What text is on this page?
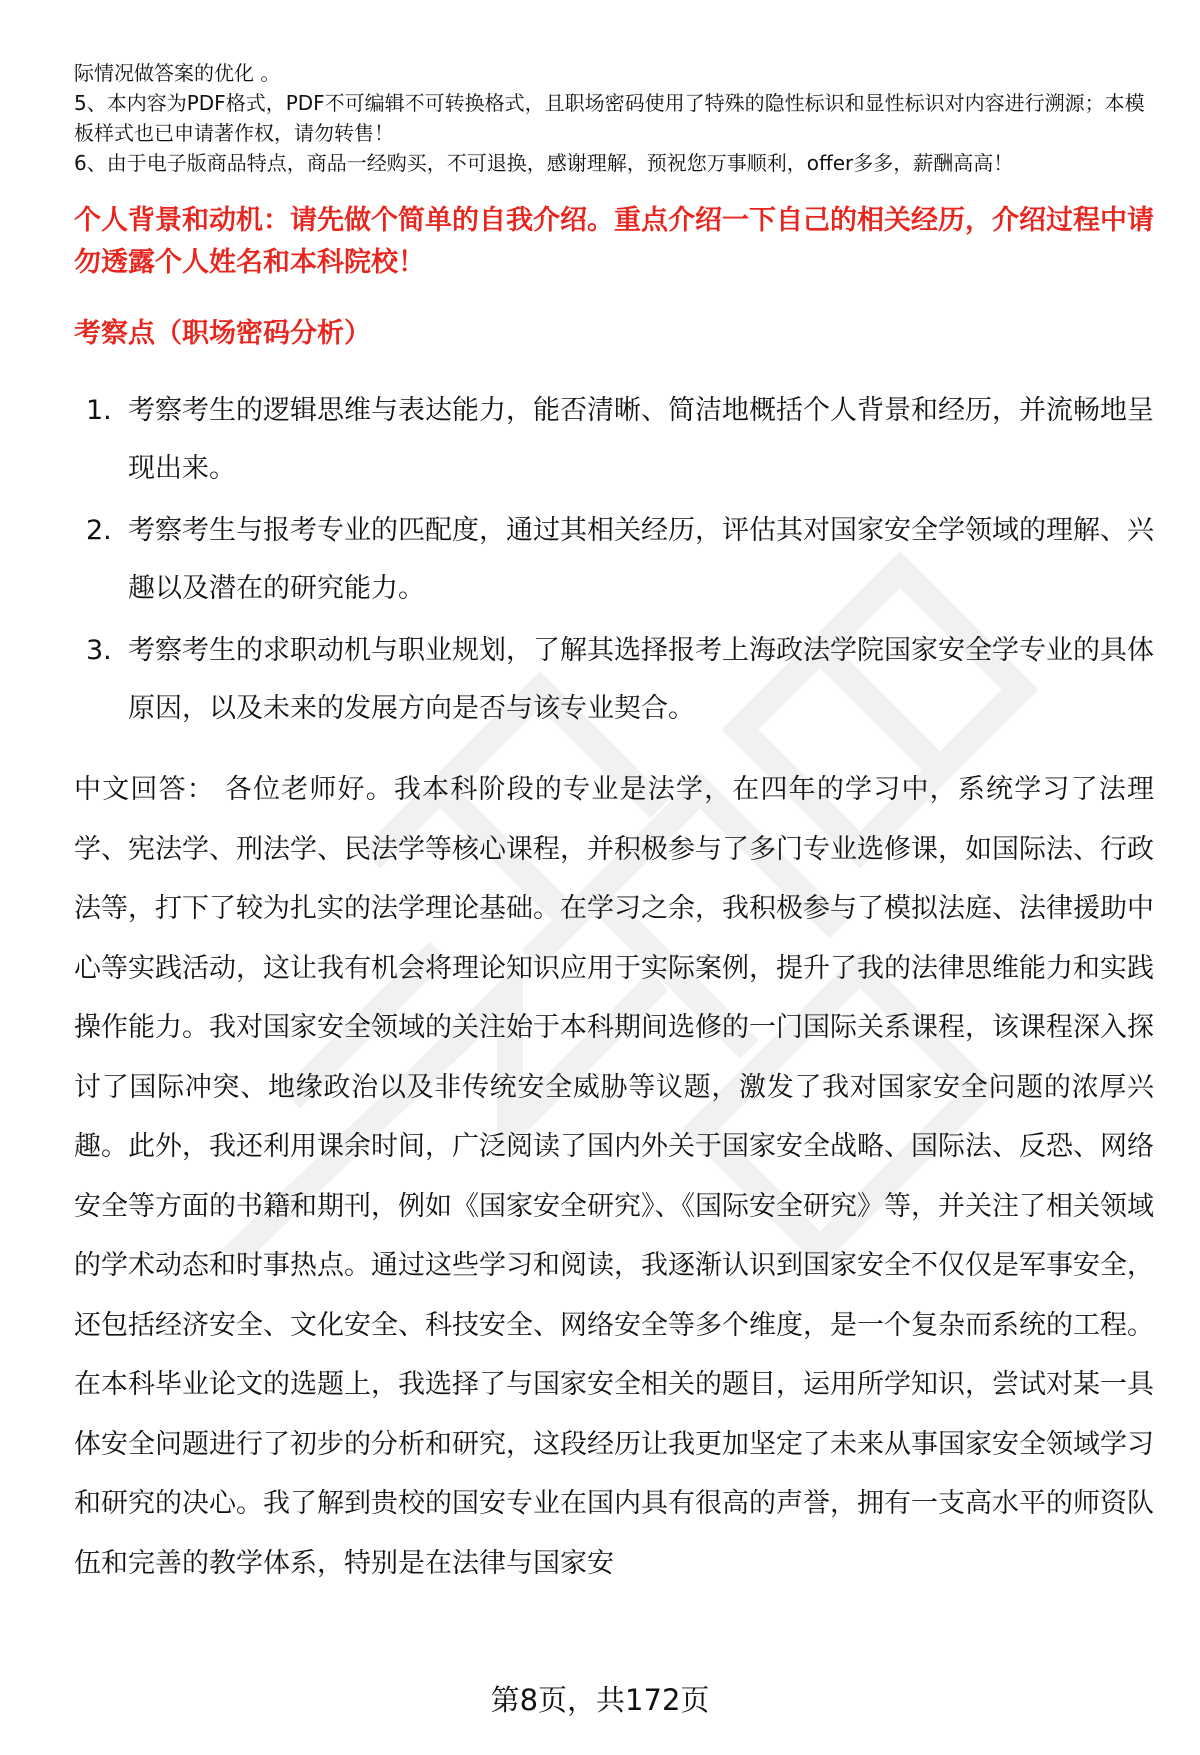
际情况做答案的优化 。

5、本内容为PDF格式，PDF不可编辑不可转换格式，且职场密码使用了特殊的隐性标识和显性标识对内容进行溯源；本模板样式也已申请著作权，请勿转售！

6、由于电子版商品特点，商品一经购买，不可退换，感谢理解，预祝您万事顺利，offer多多，薪酬高高！

个人背景和动机：请先做个简单的自我介绍。重点介绍一下自己的相关经历，介绍过程中请勿透露个人姓名和本科院校！
考察点（职场密码分析）
1. 考察考生的逻辑思维与表达能力，能否清晰、简洁地概括个人背景和经历，并流畅地呈现出来。
2. 考察考生与报考专业的匹配度，通过其相关经历，评估其对国家安全学领域的理解、兴趣以及潜在的研究能力。
3. 考察考生的求职动机与职业规划，了解其选择报考上海政法学院国家安全学专业的具体原因，以及未来的发展方向是否与该专业契合。
中文回答： 各位老师好。我本科阶段的专业是法学，在四年的学习中，系统学习了法理学、宪法学、刑法学、民法学等核心课程，并积极参与了多门专业选修课，如国际法、行政法等，打下了较为扎实的法学理论基础。在学习之余，我积极参与了模拟法庭、法律援助中心等实践活动，这让我有机会将理论知识应用于实际案例，提升了我的法律思维能力和实践操作能力。我对国家安全领域的关注始于本科期间选修的一门国际关系课程，该课程深入探讨了国际冲突、地缘政治以及非传统安全威胁等议题，激发了我对国家安全问题的浓厚兴趣。此外，我还利用课余时间，广泛阅读了国内外关于国家安全战略、国际法、反恐、网络安全等方面的书籍和期刊，例如《国家安全研究》、《国际安全研究》等，并关注了相关领域的学术动态和时事热点。通过这些学习和阅读，我逐渐认识到国家安全不仅仅是军事安全，还包括经济安全、文化安全、科技安全、网络安全等多个维度，是一个复杂而系统的工程。在本科毕业论文的选题上，我选择了与国家安全相关的题目，运用所学知识，尝试对某一具体安全问题进行了初步的分析和研究，这段经历让我更加坚定了未来从事国家安全领域学习和研究的决心。我了解到贵校的国安专业在国内具有很高的声誉，拥有一支高水平的师资队伍和完善的教学体系，特别是在法律与国家安
第8页，共172页
